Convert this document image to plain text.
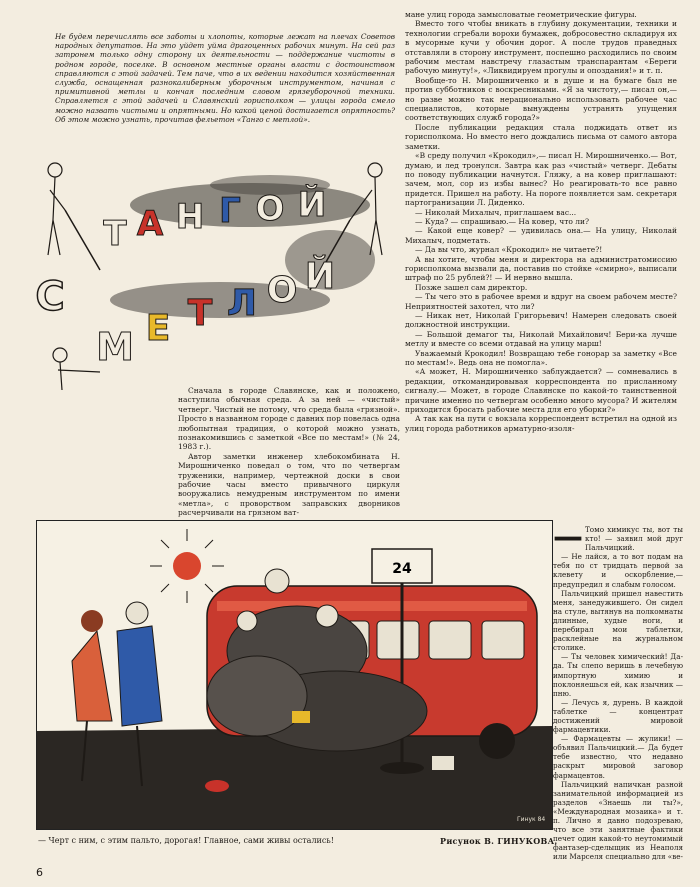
Не будем перечислять все заботы и хлопоты, которые лежат на плечах Советов народных депутатов. На это уйдет уйма драгоценных рабочих минут. На сей раз затронем только одну сторону их деятельности — поддержание чистоты в родном городе, поселке. В основном местные органы власти с достоинством справляются с этой задачей. Тем паче, что в их ведении находится хозяйственная служба, оснащенная разнокалиберным уборочным инструментом, начиная с примитивной метлы и кончая последним словом грязеуборочной техники. Справляется с этой задачей и Славянский горисполком — улицы города смело можно назвать чистыми и опрятными. Но какой ценой достигается опрятность? Об этом можно узнать, прочитав фельетон «Танго с метлой».
С
Т А Н Г О Й
М Е Т Л О Й

Сначала в городе Славянске, как и положено, наступила обычная среда. А за ней — «чистый» четверг. Чистый не потому, что среда была «грязной». Просто в названном городе с давних пор повелась одна любопытная традиция, о которой можно узнать, познакомившись с заметкой «Все по местам!» (№ 24, 1983 г.).

Автор заметки инженер хлебокомбината Н. Мирошниченко поведал о том, что по четвергам труженики, например, чертежной доски в свои рабочие часы вместо привычного циркуля вооружались немудреным инструментом по имени «метла», с проворством заправских дворников расчерчивали на грязном ват-

мане улиц города замысловатые геометрические фигуры.

Вместо того чтобы вникать в глубину документации, техники и технологии сгребали ворохи бумажек, добросовестно складируя их в мусорные кучи у обочин дорог. А после трудов праведных отставляли в сторону инструмент, поспешно расходились по своим рабочим местам навстречу глазастым транспарантам «Береги рабочую минуту!», «Ликвидируем прогулы и опоздания!» и т. п.

Вообще-то Н. Мирошниченко и в душе и на бумаге был не против субботников с воскресниками. «Я за чистоту,— писал он,— но разве можно так нерационально использовать рабочее час специалистов, которые вынуждены устранять упущения соответствующих служб города?»

После публикации редакция стала поджидать ответ из горисполкома. Но вместо него дождались письма от самого автора заметки.

«В среду получил «Крокодил»,— писал Н. Мирошниченко.— Вот, думаю, и лед тронулся. Завтра как раз «чистый» четверг. Дебаты по поводу публикации начнутся. Гляжу, а на ковер приглашают: зачем, мол, сор из избы вынес? Но реагировать-то все равно придется. Пришел на работу. На пороге появляется зам. секретаря партогранизации Л. Диденко.

— Николай Михалыч, приглашаем вас...

— Куда? — спрашиваю.— На ковер, что ли?

— Какой еще ковер? — удивилась она.— На улицу, Николай Михалыч, подметать.

— Да вы что, журнал «Крокодил» не читаете?!

А вы хотите, чтобы меня и директора на администратомиссию горисполкома вызвали да, поставив по стойке «смирно», выписали штраф по 25 рублей?! — И нервно вышла.

Позже зашел сам директор.

— Ты чего это в рабочее время и вдруг на своем рабочем месте? Неприятностей захотел, что ли?

— Никак нет, Николай Григорьевич! Намерен следовать своей должностной инструкции.

— Большой демагог ты, Николай Михайлович! Бери-ка лучше метлу и вместе со всеми отдавай на улицу марш!

Уважаемый Крокодил! Возвращаю тебе гонорар за заметку «Все по местам!». Ведь она не помогла».

«А может, Н. Мирошниченко заблуждается? — сомневались в редакции, откомандировывая корреспондента по присланному сигналу.— Может, в городе Славянске по какой-то таинственной причине именно по четвергам особенно много мусора? И жителям приходится бросать рабочие места для его уборки?»

А так как на пути с вокзала корреспондент встретил на одной из улиц города работников арматурно-изоля-

24
Гинук 84
— Черт с ним, с этим пальто, дорогая! Главное, сами живы остались!	Рисунок В. ГИНУКОВА.
— Томо химикус ты, вот ты кто! — заявил мой друг Пальчицкий.

— Не лайся, а то вот подам на тебя по ст тридцать первой за клевету и оскорбление,— предупредил я слабым голосом.

Пальчицкий пришел навестить меня, занедужившего. Он сидел на стуле, вытянув на полкомнаты длинные, худые ноги, и перебирал мои таблетки, расклейные на журнальном столике.

— Ты человек химический! Да-да. Ты слепо веришь в лечебную импортную химию и поклоняешься ей, как язычник — пню.

— Лечусь я, дурень. В каждой таблетке — концентрат достижений мировой фармацевтики.

— Фармацевты — жулики! — объявил Пальчицкий.— Да будет тебе известно, что недавно раскрыт мировой заговор фармацевтов.

Пальчицкий напичкан разной занимательной информацией из разделов «Знаешь ли ты?», «Международная мозаика» и т. п. Лично я давно подозреваю, что все эти занятные фактики печет один какой-то неутомимый фантазер-сделыщик из Неаполя или Марселя специально для «ве-

6
